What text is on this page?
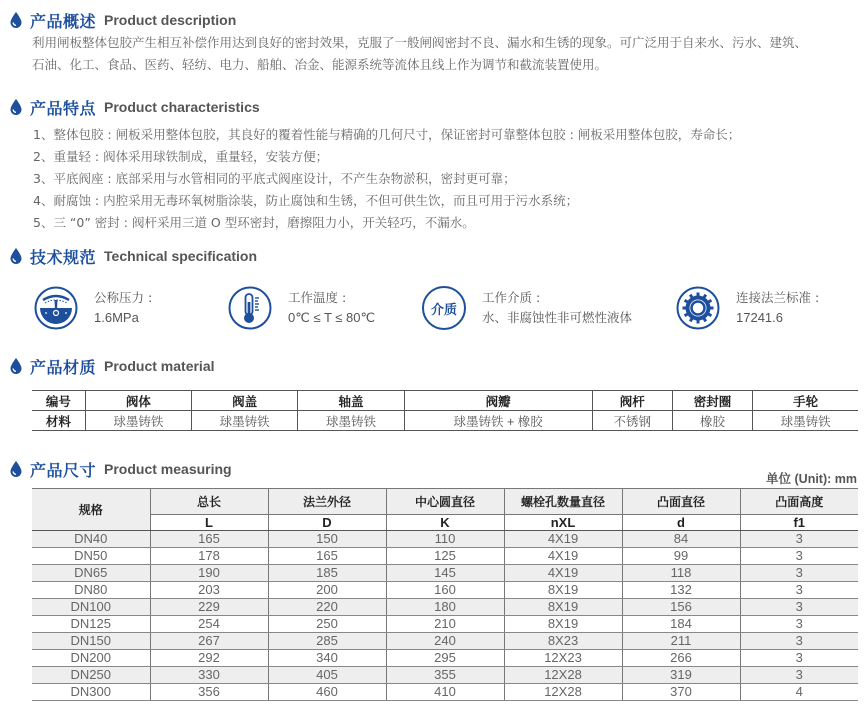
产品概述 Product description
利用闸板整体包胶产生相互补偿作用达到良好的密封效果，克服了一般闸阀密封不良、漏水和生锈的现象。可广泛用于自来水、污水、建筑、
石油、化工、食品、医药、轻纺、电力、船舶、冶金、能源系统等流体且线上作为调节和截流装置使用。
产品特点 Product characteristics
1、整体包胶 : 闸板采用整体包胶，其良好的覆着性能与精确的几何尺寸，保证密封可靠整体包胶 : 闸板采用整体包胶，寿命长；
2、重量轻 : 阀体采用球铁制成，重量轻，安装方便；
3、平底阀座 : 底部采用与水管相同的平底式阀座设计，不产生杂物淤积，密封更可靠；
4、耐腐蚀 : 内腔采用无毒环氧树脂涂装，防止腐蚀和生锈，不但可供生饮，而且可用于污水系统；
5、三 “0” 密封 : 阀杆采用三道 O 型环密封，磨擦阻力小，开关轻巧，不漏水。
技术规范 Technical specification
公称压力 :
1.6MPa
工作温度 :
0℃ ≤ T ≤ 80℃	介质
工作介质 :
水、非腐蚀性非可燃性液体
连接法兰标准 :
17241.6
产品材质 Product material
编号	阀体	阀盖	轴盖	阀瓣	阀杆	密封圈	手轮
材料	球墨铸铁	球墨铸铁	球墨铸铁	球墨铸铁 + 橡胶	不锈钢	橡胶	球墨铸铁
产品尺寸 Product measuring
单位 (Unit): mm
规格	总长	法兰外径	中心圆直径	螺栓孔数量直径	凸面直径	凸面高度
	L	D	K	nXL	d	f1
DN40	165	150	110	4X19	84	3
DN50	178	165	125	4X19	99	3
DN65	190	185	145	4X19	118	3
DN80	203	200	160	8X19	132	3
DN100	229	220	180	8X19	156	3
DN125	254	250	210	8X19	184	3
DN150	267	285	240	8X23	211	3
DN200	292	340	295	12X23	266	3
DN250	330	405	355	12X28	319	3
DN300	356	460	410	12X28	370	4
